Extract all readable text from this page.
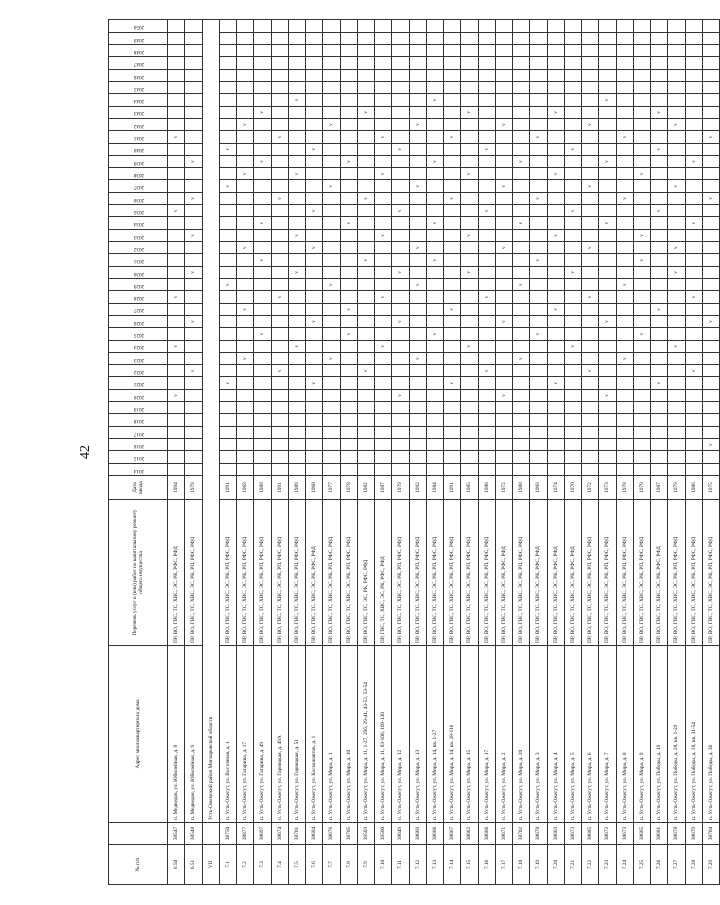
42
№ п/п		Адрес многоквартирного дома	Перечень услуг и (или) работ по капитальному ремонту общего имущества	Дата ввода	2014	2015	2016	2017	2018	2019	2020	2021	2022	2023	2024	2025	2026	2027	2028	2029	2030	2031	2032	2033	2034	2035	2036	2037	2038	2039	2040	2041	2042	2043	2044	2045	2046	2047	2048	2049	2050
6.50	38547	п. Медведок, ул. Юбилейная, д. 8	ПР, ВО, ГВС, ТС, ХВС, ЭС, РК, РФС, РФД	1994							v				v				v							v						v									
6.51	38548	п. Медведок, ул. Юбилейная, д. 9	ПР, ВО, ГВС, ТС, ХВС, ЭС, РК, РП, РФС, РФД	1979									v				v				v			v			v			v											
VII		Усть-Ожемский район Мигнаровской области																																							
7.1	38750	п. Усть-Ожегут, ул. Восточная, д. 1	ПР, ВО, ГВС, ТС, ХВС, ЭС, РК, РП, РФС, РФД	1991								v								v								v			v										
7.2	38877	п. Усть-Ожегут, ул. Гагарина, д. 17	ПР, ВО, ГВС, ТС, ХВС, ЭС, РК, РП, РФС, РФД	1969										v				v					v						v				v								
7.3	38697	п. Усть-Ожегут, ул. Гагарина, д. 49	ПР, ВО, ГВС, ТС, ХВС, ЭС, РК, РП, РФС, РФД	1988												v						v			v					v				v							
7.4	38674	п. Усть-Ожегут, ул. Горняцкая, д. 49А	ПР, ВО, ГВС, ТС, ХВС, ЭС, РК, РП, РФС, РФД	1991									v						v								v					v									
7.5	38701	п. Усть-Ожегут, ул. Горняцкая, д. 51	ПР, ВО, ГВС, ТС, ХВС, ЭС, РК, РП, РФС, РФД	1989											v						v			v					v						v						
7.6	38684	п. Усть-Ожегут, ул. Космонавтов, д. 1	ПР, ВО, ГВС, ТС, ХВС, ЭС, РК, РФС, РФД	1968								v					v						v			v					v										
7.7	38676	п. Усть-Ожегут, ул. Мира, д. 1	ПР, ВО, ГВС, ТС, ХВС, ЭС, РК, РП, РФС, РФД	1977										v						v								v					v								
7.8	38705	п. Усть-Ожегут, ул. Мира, д. 10	ПР, ВО, ГВС, ТС, ХВС, ЭС, РК, РП, РФС, РФД	1978												v		v							v					v											
7.9	39503	п. Усть-Ожегут, ул. Мира, д. 11, 1-27, 29б, 29-41, 43-52, 53-54	ПР, ВО, ГВС, ТС, ЭС, РК, РФС, РФД	1982									v									v					v							v							
7.10	39500	п. Усть-Ожегут, ул. Мира, д. 11, 83-106, 109-130	ПР, ГВС, ТС, ХВС, ЭС, РК, РФС, РФД	1987											v				v					v					v			v									
7.11	38649	п. Усть-Ожегут, ул. Мира, д. 12	ПР, ВО, ГВС, ТС, ХВС, ЭС, РК, РП, РФС, РФД	1979							v						v				v					v					v										
7.12	38669	п. Усть-Ожегут, ул. Мира, д. 13	ПР, ВО, ГВС, ТС, ХВС, ЭС, РК, РП, РФС, РФД	1982										v						v			v					v					v								
7.13	38666	п. Усть-Ожегут, ул. Мира, д. 14, кв. 1-27	ПР, ВО, ГВС, ТС, ХВС, ЭС, РК, РП, РФС, РФД	1984												v						v			v					v					v						
7.14	38667	п. Усть-Ожегут, ул. Мира, д. 14, кв. 28-116	ПР, ВО, ГВС, ТС, ХВС, ЭС, РК, РП, РФС, РФД	1991								v						v									v					v									
7.15	38662	п. Усть-Ожегут, ул. Мира, д. 15	ПР, ВО, ГВС, ТС, ХВС, ЭС, РК, РП, РФС, РФД	1985											v						v			v					v					v							
7.16	38666	п. Усть-Ожегут, ул. Мира, д. 17	ПР, ВО, ГВС, ТС, ХВС, ЭС, РК, РП, РФС, РФД	1986									v						v							v					v										
7.17	38671	п. Усть-Ожегут, ул. Мира, д. 2	ПР, ВО, ГВС, ТС, ХВС, ЭС, РК, РФС, РФД	1972							v						v						v					v					v								
7.18	38702	п. Усть-Ожегут, ул. Мира, д. 20	ПР, ВО, ГВС, ТС, ХВС, ЭС, РК, РП, РФС, РФД	1988										v						v					v					v											
7.19	38670	п. Усть-Ожегут, ул. Мира, д. 3	ПР, ВО, ГВС, ТС, ХВС, ЭС, РК, РФС, РФД	1969												v						v					v					v									
7.20	38663	п. Усть-Ожегут, ул. Мира, д. 4	ПР, ВО, ГВС, ТС, ХВС, ЭС, РК, РФС, РФД	1974								v						v						v					v					v							
7.21	38673	п. Усть-Ожегут, ул. Мира, д. 5	ПР, ВО, ГВС, ТС, ХВС, ЭС, РК, РФС, РФД	1970											v						v					v					v										
7.22	38685	п. Усть-Ожегут, ул. Мира, д. 6	ПР, ВО, ГВС, ТС, ХВС, ЭС, РК, РП, РФС, РФД	1972									v						v				v					v					v								
7.23	38672	п. Усть-Ожегут, ул. Мира, д. 7	ПР, ВО, ГВС, ТС, ХВС, ЭС, РК, РП, РФС, РФД	1973							v						v								v					v					v						
7.24	38673	п. Усть-Ожегут, ул. Мира, д. 8	ПР, ВО, ГВС, ТС, ХВС, ЭС, РК, РП, РФС, РФД	1978										v						v							v					v									
7.25	38665	п. Усть-Ожегут, ул. Мира, д. 9	ПР, ВО, ГВС, ТС, ХВС, ЭС, РК, РП, РФС, РФД	1979												v						v		v					v												
7.26	38681	п. Усть-Ожегут, ул. Победы, д. 19	ПР, ВО, ГВС, ТС, ХВС, ЭС, РК, РФС, РФД	1987								v						v								v					v			v							
7.27	38678	п. Усть-Ожегут, ул. Победы, д. 28, кв. 1-29	ПР, ВО, ГВС, ТС, ХВС, ЭС, РК, РП, РФС, РФД	1979											v						v		v					v					v								
7.28	38679	п. Усть-Ожегут, ул. Победы, д. 28, кв. 31-54	ПР, ВО, ГВС, ТС, ХВС, ЭС, РК, РП, РФС, РФД	1986									v						v						v					v											
7.29	38704	п. Усть-Ожегут, ул. Победы, д. 36	ПР, ВО, ГВС, ТС, ХВС, ЭС, РК, РП, РФС, РФД	1975			v										v										v					v									
